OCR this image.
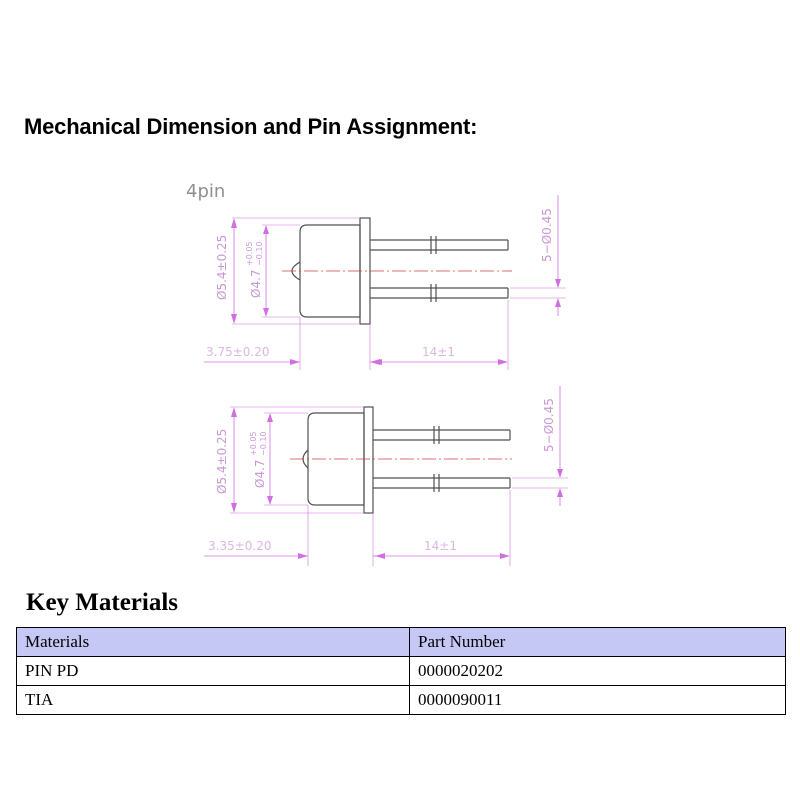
Mechanical Dimension and Pin Assignment:
4pin
Ø5.4±0.25 Ø4.7
+0.05 −0.10	5−Ø0.45
3.75±0.20	14±1
Ø5.4±0.25 Ø4.7
+0.05 −0.10	5−Ø0.45
3.35±0.20	14±1
Key Materials
Materials	Part Number
PIN PD	0000020202
TIA	0000090011
